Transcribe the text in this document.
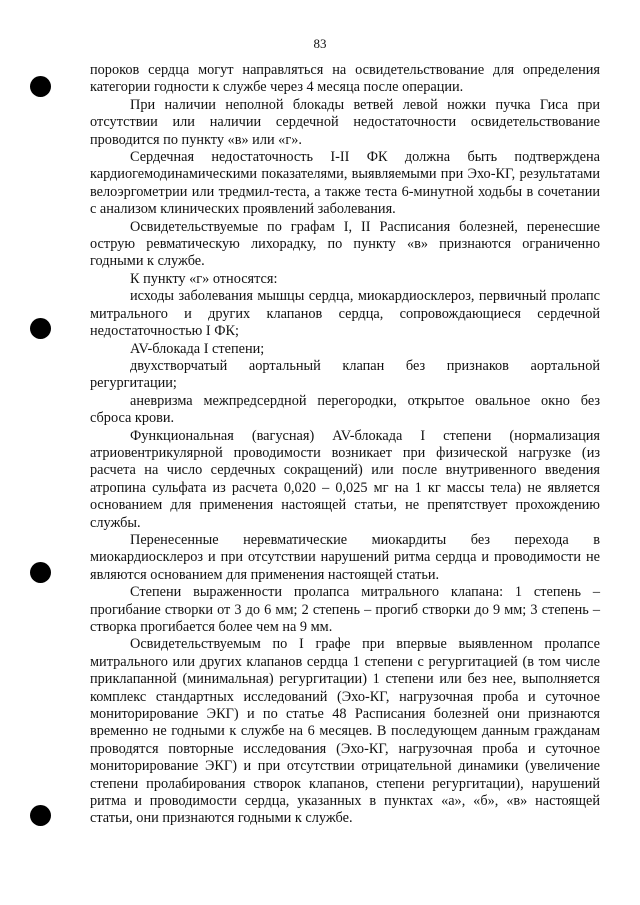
83

пороков сердца могут направляться на освидетельствование для определения категории годности к службе через 4 месяца после операции.

При наличии неполной блокады ветвей левой ножки пучка Гиса при отсутствии или наличии сердечной недостаточности освидетельствование проводится по пункту «в» или «г».

Сердечная недостаточность I-II ФК должна быть подтверждена кардиогемодинамическими показателями, выявляемыми при Эхо-КГ, результатами велоэргометрии или тредмил-теста, а также теста 6-минутной ходьбы в сочетании с анализом клинических проявлений заболевания.

Освидетельствуемые по графам I, II Расписания болезней, перенесшие острую ревматическую лихорадку, по пункту «в» признаются ограниченно годными к службе.

К пункту «г» относятся:

исходы заболевания мышцы сердца, миокардиосклероз, первичный пролапс митрального и других клапанов сердца, сопровождающиеся сердечной недостаточностью I ФК;

AV-блокада I степени;

двухстворчатый аортальный клапан без признаков аортальной регургитации;

аневризма межпредсердной перегородки, открытое овальное окно без сброса крови.

Функциональная (вагусная) AV-блокада I степени (нормализация атриовентрикулярной проводимости возникает при физической нагрузке (из расчета на число сердечных сокращений) или после внутривенного введения атропина сульфата из расчета 0,020 – 0,025 мг на 1 кг массы тела) не является основанием для применения настоящей статьи, не препятствует прохождению службы.

Перенесенные неревматические миокардиты без перехода в миокардиосклероз и при отсутствии нарушений ритма сердца и проводимости не являются основанием для применения настоящей статьи.

Степени выраженности пролапса митрального клапана: 1 степень – прогибание створки от 3 до 6 мм; 2 степень – прогиб створки до 9 мм; 3 степень – створка прогибается более чем на 9 мм.

Освидетельствуемым по I графе при впервые выявленном пролапсе митрального или других клапанов сердца 1 степени с регургитацией (в том числе приклапанной (минимальная) регургитации) 1 степени или без нее, выполняется комплекс стандартных исследований (Эхо-КГ, нагрузочная проба и суточное мониторирование ЭКГ) и по статье 48 Расписания болезней они признаются временно не годными к службе на 6 месяцев. В последующем данным гражданам проводятся повторные исследования (Эхо-КГ, нагрузочная проба и суточное мониторирование ЭКГ) и при отсутствии отрицательной динамики (увеличение степени пролабирования створок клапанов, степени регургитации), нарушений ритма и проводимости сердца, указанных в пунктах «а», «б», «в» настоящей статьи, они признаются годными к службе.
